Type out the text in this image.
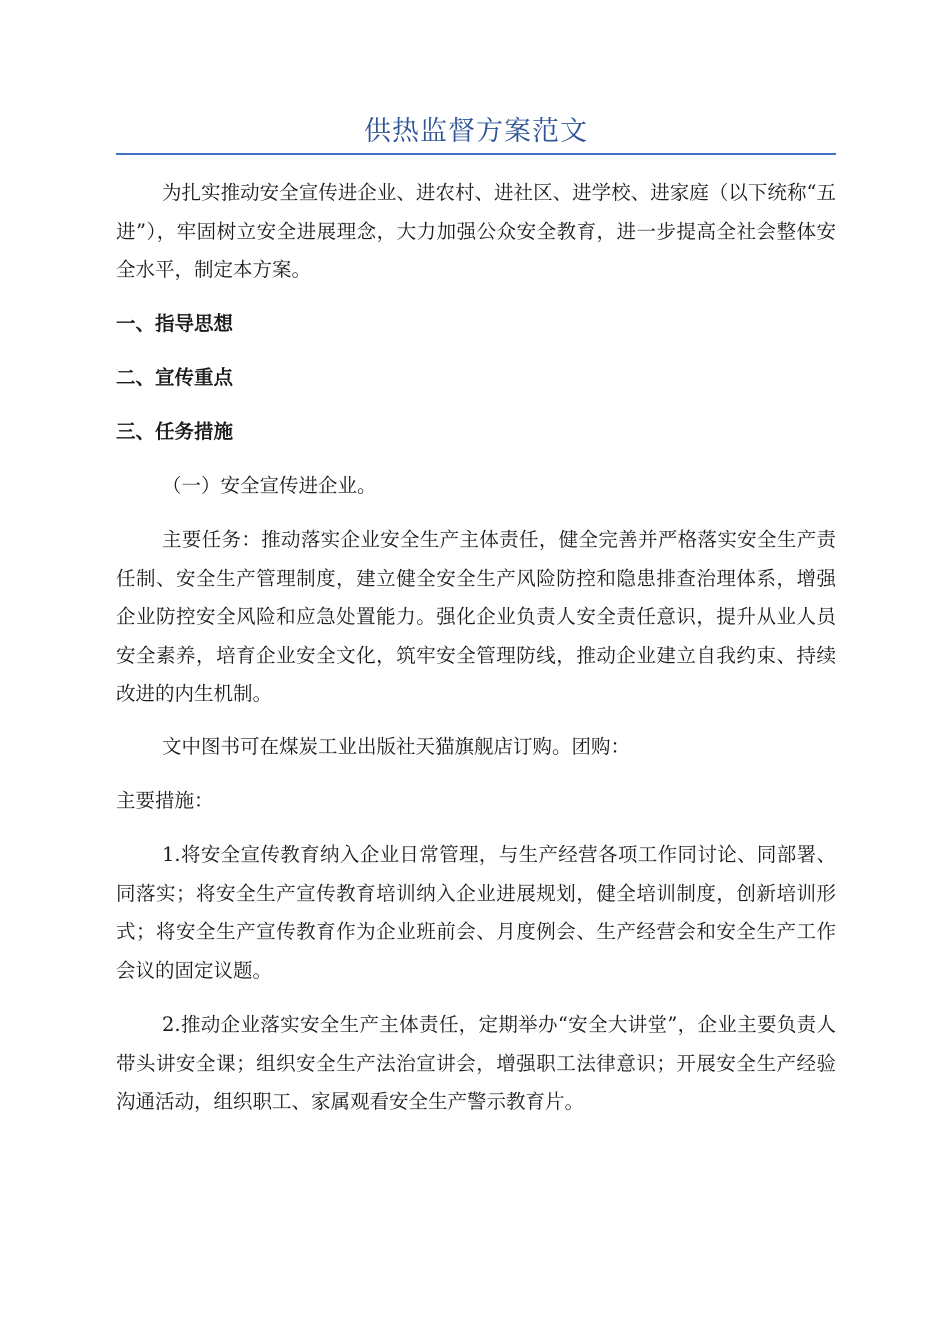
供热监督方案范文

为扎实推动安全宣传进企业、进农村、进社区、进学校、进家庭（以下统称“五进”），牢固树立安全进展理念，大力加强公众安全教育，进一步提高全社会整体安全水平，制定本方案。

一、指导思想

二、宣传重点

三、任务措施

（一）安全宣传进企业。

主要任务：推动落实企业安全生产主体责任，健全完善并严格落实安全生产责任制、安全生产管理制度，建立健全安全生产风险防控和隐患排查治理体系，增强企业防控安全风险和应急处置能力。强化企业负责人安全责任意识，提升从业人员安全素养，培育企业安全文化，筑牢安全管理防线，推动企业建立自我约束、持续改进的内生机制。

文中图书可在煤炭工业出版社天猫旗舰店订购。团购：

主要措施：

1.将安全宣传教育纳入企业日常管理，与生产经营各项工作同讨论、同部署、同落实；将安全生产宣传教育培训纳入企业进展规划，健全培训制度，创新培训形式；将安全生产宣传教育作为企业班前会、月度例会、生产经营会和安全生产工作会议的固定议题。

2.推动企业落实安全生产主体责任，定期举办“安全大讲堂”，企业主要负责人带头讲安全课；组织安全生产法治宣讲会，增强职工法律意识；开展安全生产经验沟通活动，组织职工、家属观看安全生产警示教育片。
